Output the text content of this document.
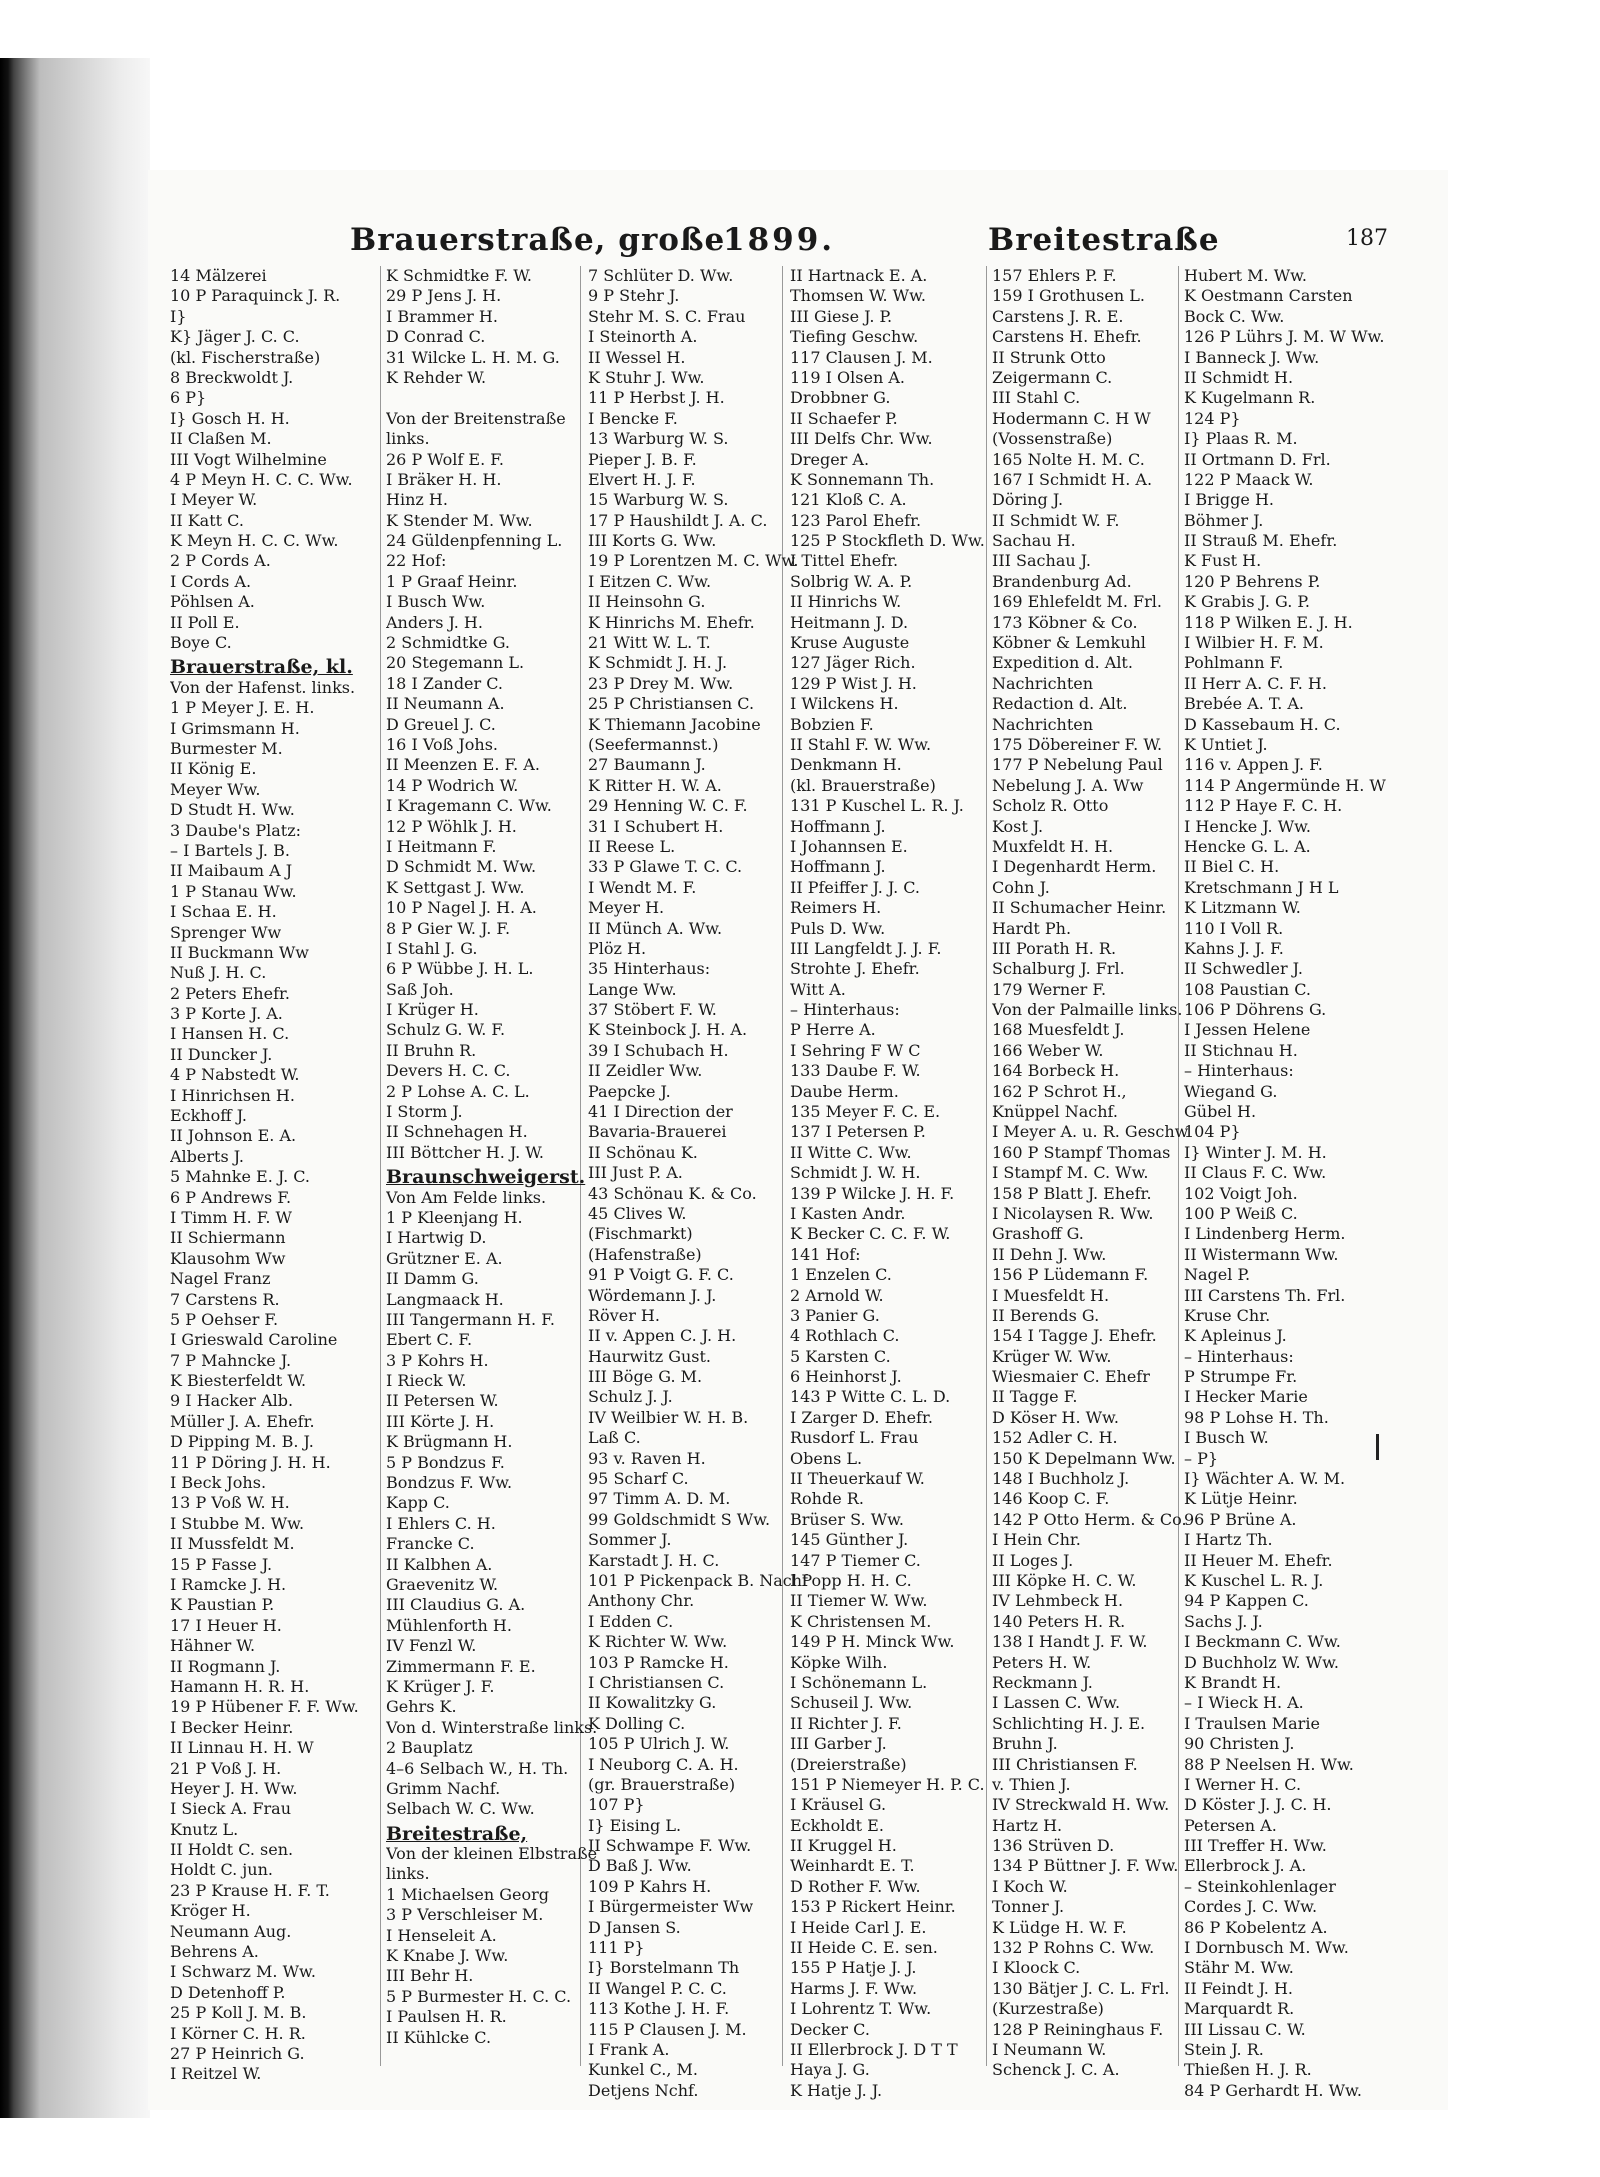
Brauerstraße, große
1899.	Breitestraße	187
14 Mälzerei
10 P Paraquinck J. R.
I}
K} Jäger J. C. C.
(kl. Fischerstraße)
8 Breckwoldt J.
6 P}
I} Gosch H. H.
II Claßen M.
III Vogt Wilhelmine
4 P Meyn H. C. C. Ww.
I Meyer W.
II Katt C.
K Meyn H. C. C. Ww.
2 P Cords A.
I Cords A.
Pöhlsen A.
II Poll E.
Boye C.
Brauerstraße, kl.
Von der Hafenst. links.
1 P Meyer J. E. H.
I Grimsmann H.
Burmester M.
II König E.
Meyer Ww.
D Studt H. Ww.
3 Daube's Platz:
– I Bartels J. B.
II Maibaum A J
1 P Stanau Ww.
I Schaa E. H.
Sprenger Ww
II Buckmann Ww
Nuß J. H. C.
2 Peters Ehefr.
3 P Korte J. A.
I Hansen H. C.
II Duncker J.
4 P Nabstedt W.
I Hinrichsen H.
Eckhoff J.
II Johnson E. A.
Alberts J.
5 Mahnke E. J. C.
6 P Andrews F.
I Timm H. F. W
II Schiermann
Klausohm Ww
Nagel Franz
7 Carstens R.
5 P Oehser F.
I Grieswald Caroline
7 P Mahncke J.
K Biesterfeldt W.
9 I Hacker Alb.
Müller J. A. Ehefr.
D Pipping M. B. J.
11 P Döring J. H. H.
I Beck Johs.
13 P Voß W. H.
I Stubbe M. Ww.
II Mussfeldt M.
15 P Fasse J.
I Ramcke J. H.
K Paustian P.
17 I Heuer H.
Hähner W.
II Rogmann J.
Hamann H. R. H.
19 P Hübener F. F. Ww.
I Becker Heinr.
II Linnau H. H. W
21 P Voß J. H.
Heyer J. H. Ww.
I Sieck A. Frau
Knutz L.
II Holdt C. sen.
Holdt C. jun.
23 P Krause H. F. T.
Kröger H.
Neumann Aug.
Behrens A.
I Schwarz M. Ww.
D Detenhoff P.
25 P Koll J. M. B.
I Körner C. H. R.
27 P Heinrich G.
I Reitzel W.
K Schmidtke F. W.
29 P Jens J. H.
I Brammer H.
D Conrad C.
31 Wilcke L. H. M. G.
K Rehder W.
Von der Breitenstraße
links.
26 P Wolf E. F.
I Bräker H. H.
Hinz H.
K Stender M. Ww.
24 Güldenpfenning L.
22 Hof:
1 P Graaf Heinr.
I Busch Ww.
Anders J. H.
2 Schmidtke G.
20 Stegemann L.
18 I Zander C.
II Neumann A.
D Greuel J. C.
16 I Voß Johs.
II Meenzen E. F. A.
14 P Wodrich W.
I Kragemann C. Ww.
12 P Wöhlk J. H.
I Heitmann F.
D Schmidt M. Ww.
K Settgast J. Ww.
10 P Nagel J. H. A.
8 P Gier W. J. F.
I Stahl J. G.
6 P Wübbe J. H. L.
Saß Joh.
I Krüger H.
Schulz G. W. F.
II Bruhn R.
Devers H. C. C.
2 P Lohse A. C. L.
I Storm J.
II Schnehagen H.
III Böttcher H. J. W.
Braunschweigerst.
Von Am Felde links.
1 P Kleenjang H.
I Hartwig D.
Grützner E. A.
II Damm G.
Langmaack H.
III Tangermann H. F.
Ebert C. F.
3 P Kohrs H.
I Rieck W.
II Petersen W.
III Körte J. H.
K Brügmann H.
5 P Bondzus F.
Bondzus F. Ww.
Kapp C.
I Ehlers C. H.
Francke C.
II Kalbhen A.
Graevenitz W.
III Claudius G. A.
Mühlenforth H.
IV Fenzl W.
Zimmermann F. E.
K Krüger J. F.
Gehrs K.
Von d. Winterstraße links.
2 Bauplatz
4–6 Selbach W., H. Th.
Grimm Nachf.
Selbach W. C. Ww.
Breitestraße,
Von der kleinen Elbstraße
links.
1 Michaelsen Georg
3 P Verschleiser M.
I Henseleit A.
K Knabe J. Ww.
III Behr H.
5 P Burmester H. C. C.
I Paulsen H. R.
II Kühlcke C.
7 Schlüter D. Ww.
9 P Stehr J.
Stehr M. S. C. Frau
I Steinorth A.
II Wessel H.
K Stuhr J. Ww.
11 P Herbst J. H.
I Bencke F.
13 Warburg W. S.
Pieper J. B. F.
Elvert H. J. F.
15 Warburg W. S.
17 P Haushildt J. A. C.
III Korts G. Ww.
19 P Lorentzen M. C. Ww.
I Eitzen C. Ww.
II Heinsohn G.
K Hinrichs M. Ehefr.
21 Witt W. L. T.
K Schmidt J. H. J.
23 P Drey M. Ww.
25 P Christiansen C.
K Thiemann Jacobine
(Seefermannst.)
27 Baumann J.
K Ritter H. W. A.
29 Henning W. C. F.
31 I Schubert H.
II Reese L.
33 P Glawe T. C. C.
I Wendt M. F.
Meyer H.
II Münch A. Ww.
Plöz H.
35 Hinterhaus:
Lange Ww.
37 Stöbert F. W.
K Steinbock J. H. A.
39 I Schubach H.
II Zeidler Ww.
Paepcke J.
41 I Direction der
Bavaria-Brauerei
II Schönau K.
III Just P. A.
43 Schönau K. & Co.
45 Clives W.
(Fischmarkt)
(Hafenstraße)
91 P Voigt G. F. C.
Wördemann J. J.
Röver H.
II v. Appen C. J. H.
Haurwitz Gust.
III Böge G. M.
Schulz J. J.
IV Weilbier W. H. B.
Laß C.
93 v. Raven H.
95 Scharf C.
97 Timm A. D. M.
99 Goldschmidt S Ww.
Sommer J.
Karstadt J. H. C.
101 P Pickenpack B. Nachf
Anthony Chr.
I Edden C.
K Richter W. Ww.
103 P Ramcke H.
I Christiansen C.
II Kowalitzky G.
K Dolling C.
105 P Ulrich J. W.
I Neuborg C. A. H.
(gr. Brauerstraße)
107 P}
I} Eising L.
II Schwampe F. Ww.
D Baß J. Ww.
109 P Kahrs H.
I Bürgermeister Ww
D Jansen S.
111 P}
I} Borstelmann Th
II Wangel P. C. C.
113 Kothe J. H. F.
115 P Clausen J. M.
I Frank A.
Kunkel C., M.
Detjens Nchf.
II Hartnack E. A.
Thomsen W. Ww.
III Giese J. P.
Tiefing Geschw.
117 Clausen J. M.
119 I Olsen A.
Drobbner G.
II Schaefer P.
III Delfs Chr. Ww.
Dreger A.
K Sonnemann Th.
121 Kloß C. A.
123 Parol Ehefr.
125 P Stockfleth D. Ww.
I Tittel Ehefr.
Solbrig W. A. P.
II Hinrichs W.
Heitmann J. D.
Kruse Auguste
127 Jäger Rich.
129 P Wist J. H.
I Wilckens H.
Bobzien F.
II Stahl F. W. Ww.
Denkmann H.
(kl. Brauerstraße)
131 P Kuschel L. R. J.
Hoffmann J.
I Johannsen E.
Hoffmann J.
II Pfeiffer J. J. C.
Reimers H.
Puls D. Ww.
III Langfeldt J. J. F.
Strohte J. Ehefr.
Witt A.
– Hinterhaus:
P Herre A.
I Sehring F W C
133 Daube F. W.
Daube Herm.
135 Meyer F. C. E.
137 I Petersen P.
II Witte C. Ww.
Schmidt J. W. H.
139 P Wilcke J. H. F.
I Kasten Andr.
K Becker C. C. F. W.
141 Hof:
1 Enzelen C.
2 Arnold W.
3 Panier G.
4 Rothlach C.
5 Karsten C.
6 Heinhorst J.
143 P Witte C. L. D.
I Zarger D. Ehefr.
Rusdorf L. Frau
Obens L.
II Theuerkauf W.
Rohde R.
Brüser S. Ww.
145 Günther J.
147 P Tiemer C.
I Popp H. H. C.
II Tiemer W. Ww.
K Christensen M.
149 P H. Minck Ww.
Köpke Wilh.
I Schönemann L.
Schuseil J. Ww.
II Richter J. F.
III Garber J.
(Dreierstraße)
151 P Niemeyer H. P. C.
I Kräusel G.
Eckholdt E.
II Kruggel H.
Weinhardt E. T.
D Rother F. Ww.
153 P Rickert Heinr.
I Heide Carl J. E.
II Heide C. E. sen.
155 P Hatje J. J.
Harms J. F. Ww.
I Lohrentz T. Ww.
Decker C.
II Ellerbrock J. D T T
Haya J. G.
K Hatje J. J.
157 Ehlers P. F.
159 I Grothusen L.
Carstens J. R. E.
Carstens H. Ehefr.
II Strunk Otto
Zeigermann C.
III Stahl C.
Hodermann C. H W
(Vossenstraße)
165 Nolte H. M. C.
167 I Schmidt H. A.
Döring J.
II Schmidt W. F.
Sachau H.
III Sachau J.
Brandenburg Ad.
169 Ehlefeldt M. Frl.
173 Köbner & Co.
Köbner & Lemkuhl
Expedition d. Alt.
Nachrichten
Redaction d. Alt.
Nachrichten
175 Döbereiner F. W.
177 P Nebelung Paul
Nebelung J. A. Ww
Scholz R. Otto
Kost J.
Muxfeldt H. H.
I Degenhardt Herm.
Cohn J.
II Schumacher Heinr.
Hardt Ph.
III Porath H. R.
Schalburg J. Frl.
179 Werner F.
Von der Palmaille links.
168 Muesfeldt J.
166 Weber W.
164 Borbeck H.
162 P Schrot H.,
Knüppel Nachf.
I Meyer A. u. R. Geschw
160 P Stampf Thomas
I Stampf M. C. Ww.
158 P Blatt J. Ehefr.
I Nicolaysen R. Ww.
Grashoff G.
II Dehn J. Ww.
156 P Lüdemann F.
I Muesfeldt H.
II Berends G.
154 I Tagge J. Ehefr.
Krüger W. Ww.
Wiesmaier C. Ehefr
II Tagge F.
D Köser H. Ww.
152 Adler C. H.
150 K Depelmann Ww.
148 I Buchholz J.
146 Koop C. F.
142 P Otto Herm. & Co.
I Hein Chr.
II Loges J.
III Köpke H. C. W.
IV Lehmbeck H.
140 Peters H. R.
138 I Handt J. F. W.
Peters H. W.
Reckmann J.
I Lassen C. Ww.
Schlichting H. J. E.
Bruhn J.
III Christiansen F.
v. Thien J.
IV Streckwald H. Ww.
Hartz H.
136 Strüven D.
134 P Büttner J. F. Ww.
I Koch W.
Tonner J.
K Lüdge H. W. F.
132 P Rohns C. Ww.
I Kloock C.
130 Bätjer J. C. L. Frl.
(Kurzestraße)
128 P Reininghaus F.
I Neumann W.
Schenck J. C. A.
Hubert M. Ww.
K Oestmann Carsten
Bock C. Ww.
126 P Lührs J. M. W Ww.
I Banneck J. Ww.
II Schmidt H.
K Kugelmann R.
124 P}
I} Plaas R. M.
II Ortmann D. Frl.
122 P Maack W.
I Brigge H.
Böhmer J.
II Strauß M. Ehefr.
K Fust H.
120 P Behrens P.
K Grabis J. G. P.
118 P Wilken E. J. H.
I Wilbier H. F. M.
Pohlmann F.
II Herr A. C. F. H.
Brebée A. T. A.
D Kassebaum H. C.
K Untiet J.
116 v. Appen J. F.
114 P Angermünde H. W
112 P Haye F. C. H.
I Hencke J. Ww.
Hencke G. L. A.
II Biel C. H.
Kretschmann J H L
K Litzmann W.
110 I Voll R.
Kahns J. J. F.
II Schwedler J.
108 Paustian C.
106 P Döhrens G.
I Jessen Helene
II Stichnau H.
– Hinterhaus:
Wiegand G.
Gübel H.
104 P}
I} Winter J. M. H.
II Claus F. C. Ww.
102 Voigt Joh.
100 P Weiß C.
I Lindenberg Herm.
II Wistermann Ww.
Nagel P.
III Carstens Th. Frl.
Kruse Chr.
K Apleinus J.
– Hinterhaus:
P Strumpe Fr.
I Hecker Marie
98 P Lohse H. Th.
I Busch W.
– P}
I} Wächter A. W. M.
K Lütje Heinr.
96 P Brüne A.
I Hartz Th.
II Heuer M. Ehefr.
K Kuschel L. R. J.
94 P Kappen C.
Sachs J. J.
I Beckmann C. Ww.
D Buchholz W. Ww.
K Brandt H.
– I Wieck H. A.
I Traulsen Marie
90 Christen J.
88 P Neelsen H. Ww.
I Werner H. C.
D Köster J. J. C. H.
Petersen A.
III Treffer H. Ww.
Ellerbrock J. A.
– Steinkohlenlager
Cordes J. C. Ww.
86 P Kobelentz A.
I Dornbusch M. Ww.
Stähr M. Ww.
II Feindt J. H.
Marquardt R.
III Lissau C. W.
Stein J. R.
Thießen H. J. R.
84 P Gerhardt H. Ww.
